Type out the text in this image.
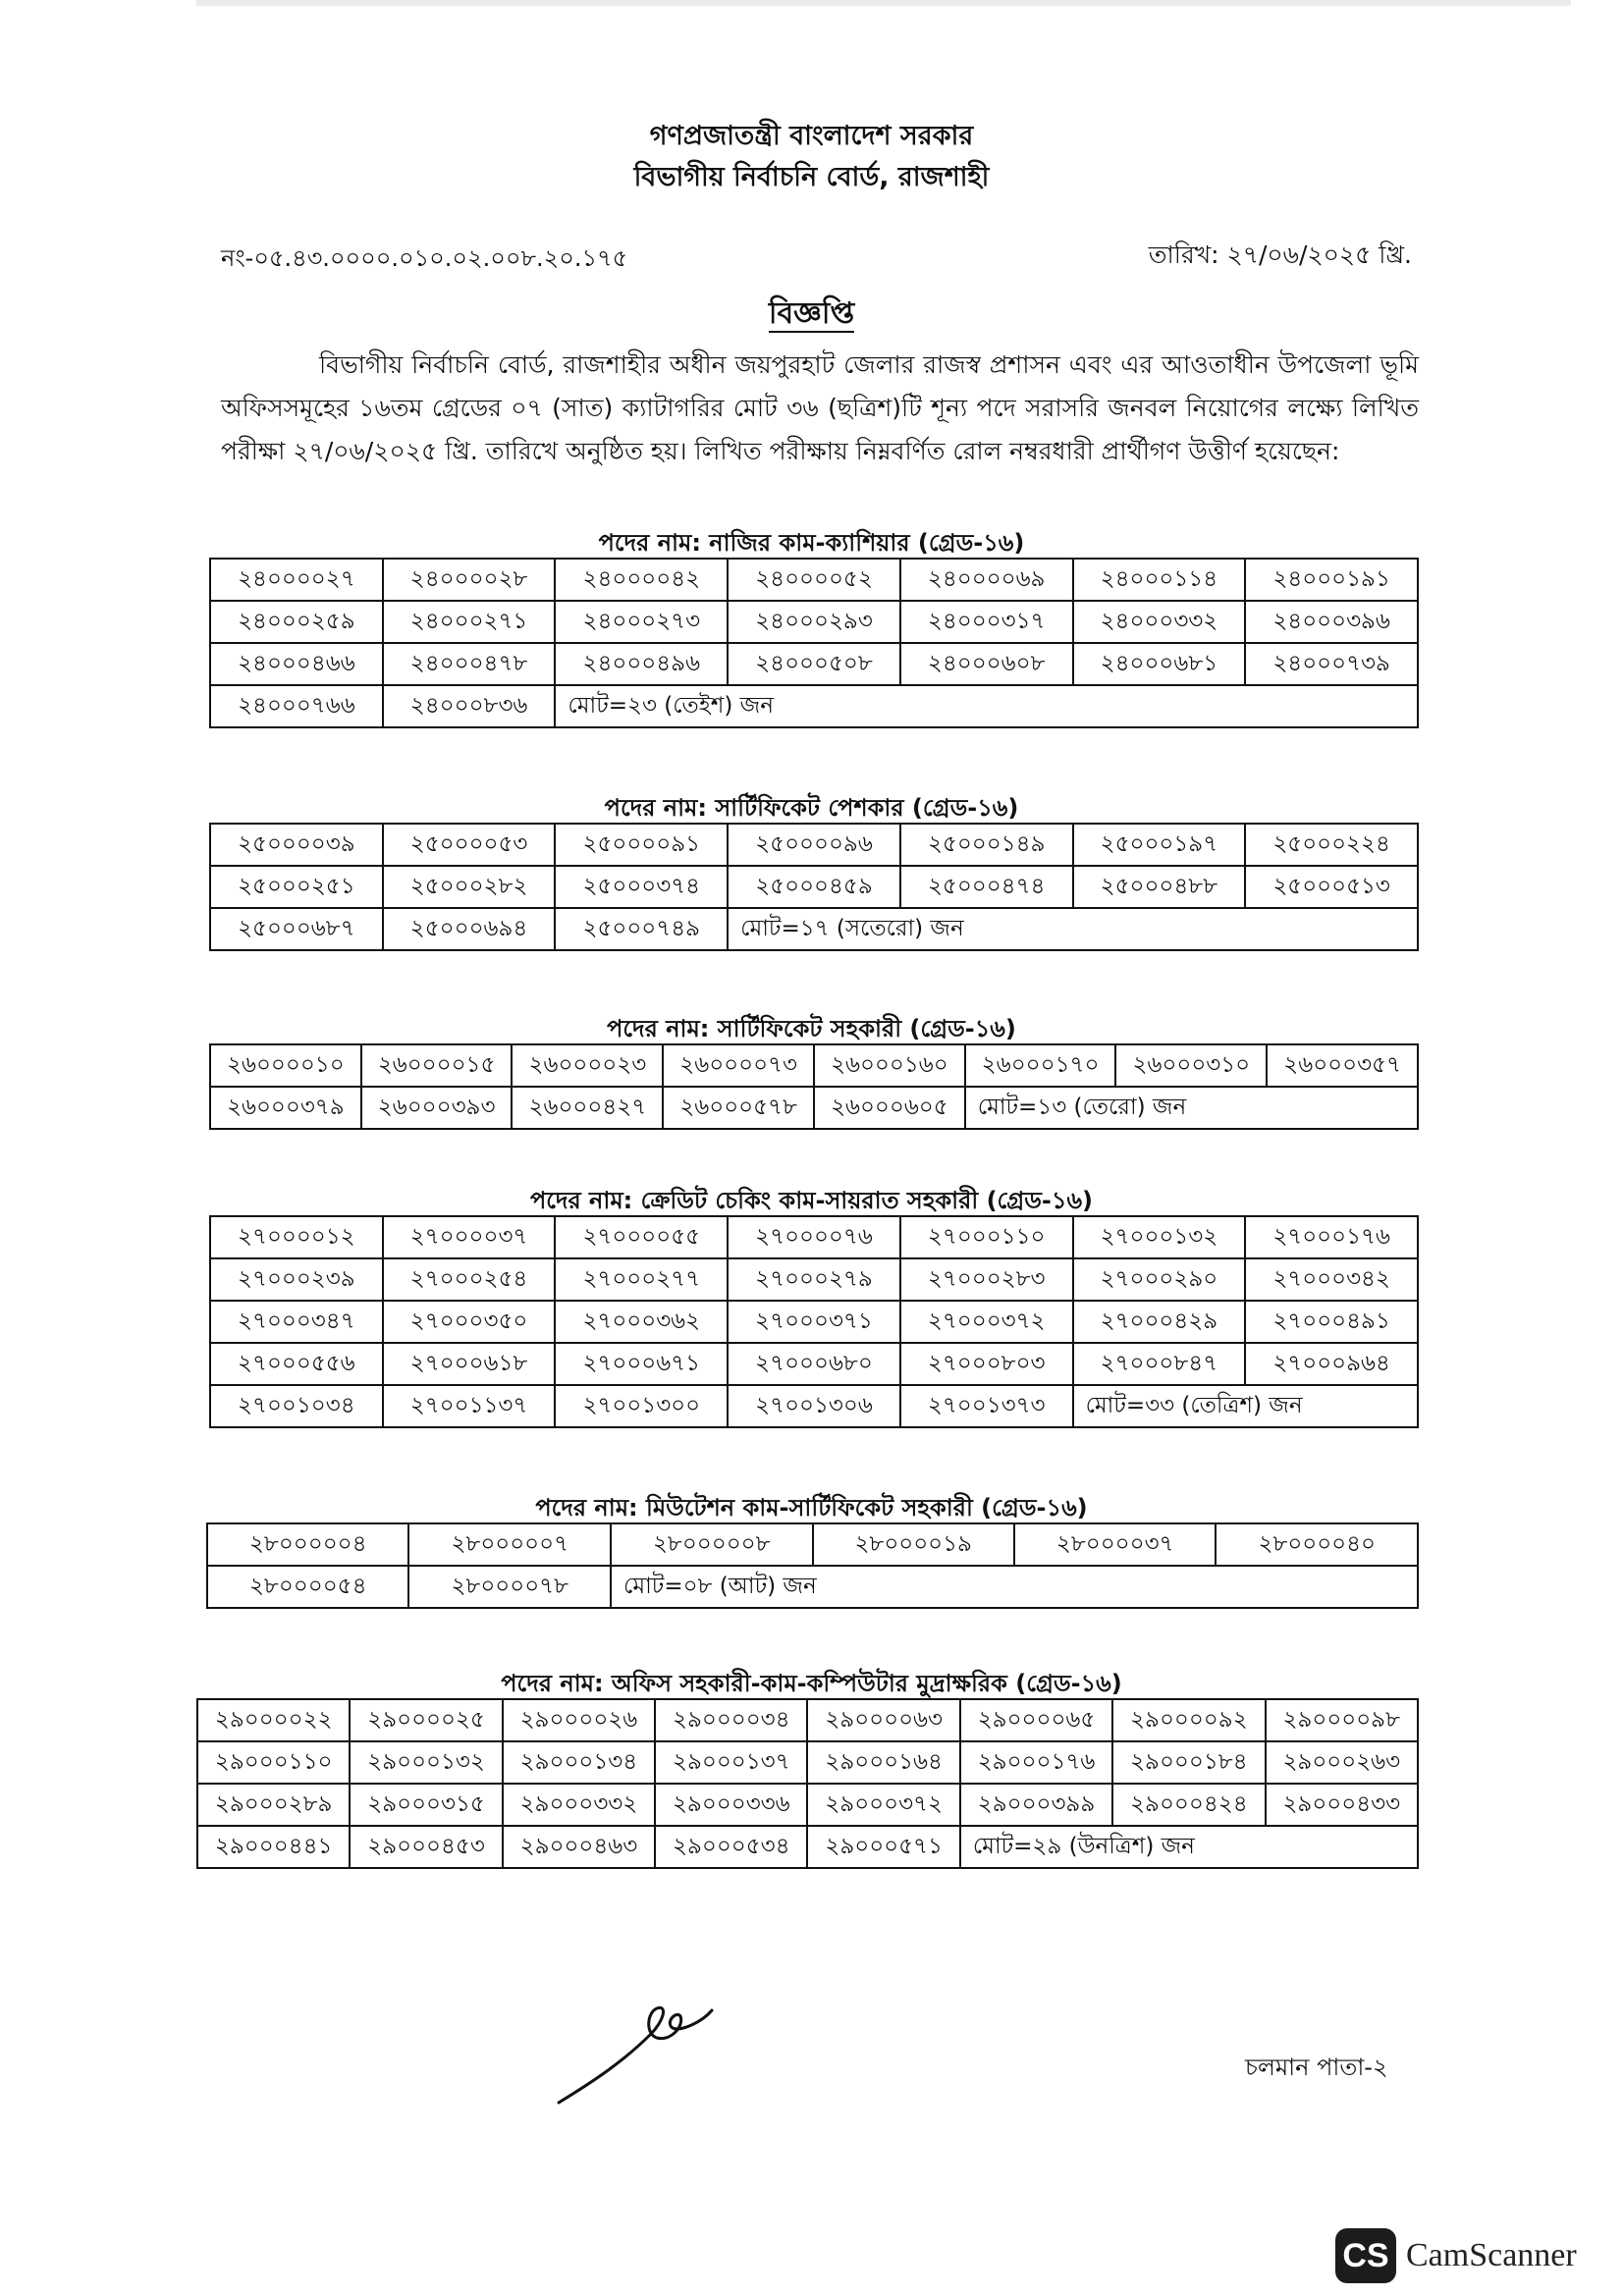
গণপ্রজাতন্ত্রী বাংলাদেশ সরকার
বিভাগীয় নির্বাচনি বোর্ড, রাজশাহী
নং-০৫.৪৩.০০০০.০১০.০২.০০৮.২০.১৭৫	তারিখ: ২৭/০৬/২০২৫ খ্রি.
বিজ্ঞপ্তি
বিভাগীয় নির্বাচনি বোর্ড, রাজশাহীর অধীন জয়পুরহাট জেলার রাজস্ব প্রশাসন এবং এর আওতাধীন উপজেলা ভূমি অফিসসমূহের ১৬তম গ্রেডের ০৭ (সাত) ক্যাটাগরির মোট ৩৬ (ছত্রিশ)টি শূন্য পদে সরাসরি জনবল নিয়োগের লক্ষ্যে লিখিত পরীক্ষা ২৭/০৬/২০২৫ খ্রি. তারিখে অনুষ্ঠিত হয়। লিখিত পরীক্ষায় নিম্নবর্ণিত রোল নম্বরধারী প্রার্থীগণ উত্তীর্ণ হয়েছেন:
পদের নাম: নাজির কাম-ক্যাশিয়ার (গ্রেড-১৬)
২৪০০০০২৭	২৪০০০০২৮	২৪০০০০৪২	২৪০০০০৫২	২৪০০০০৬৯	২৪০০০১১৪	২৪০০০১৯১
২৪০০০২৫৯	২৪০০০২৭১	২৪০০০২৭৩	২৪০০০২৯৩	২৪০০০৩১৭	২৪০০০৩৩২	২৪০০০৩৯৬
২৪০০০৪৬৬	২৪০০০৪৭৮	২৪০০০৪৯৬	২৪০০০৫০৮	২৪০০০৬০৮	২৪০০০৬৮১	২৪০০০৭৩৯
২৪০০০৭৬৬	২৪০০০৮৩৬	মোট=২৩ (তেইশ) জন				
পদের নাম: সার্টিফিকেট পেশকার (গ্রেড-১৬)
২৫০০০০৩৯	২৫০০০০৫৩	২৫০০০০৯১	২৫০০০০৯৬	২৫০০০১৪৯	২৫০০০১৯৭	২৫০০০২২৪
২৫০০০২৫১	২৫০০০২৮২	২৫০০০৩৭৪	২৫০০০৪৫৯	২৫০০০৪৭৪	২৫০০০৪৮৮	২৫০০০৫১৩
২৫০০০৬৮৭	২৫০০০৬৯৪	২৫০০০৭৪৯	মোট=১৭ (সতেরো) জন			
পদের নাম: সার্টিফিকেট সহকারী (গ্রেড-১৬)
২৬০০০০১০	২৬০০০০১৫	২৬০০০০২৩	২৬০০০০৭৩	২৬০০০১৬০	২৬০০০১৭০	২৬০০০৩১০	২৬০০০৩৫৭
২৬০০০৩৭৯	২৬০০০৩৯৩	২৬০০০৪২৭	২৬০০০৫৭৮	২৬০০০৬০৫	মোট=১৩ (তেরো) জন		
পদের নাম: ক্রেডিট চেকিং কাম-সায়রাত সহকারী (গ্রেড-১৬)
২৭০০০০১২	২৭০০০০৩৭	২৭০০০০৫৫	২৭০০০০৭৬	২৭০০০১১০	২৭০০০১৩২	২৭০০০১৭৬
২৭০০০২৩৯	২৭০০০২৫৪	২৭০০০২৭৭	২৭০০০২৭৯	২৭০০০২৮৩	২৭০০০২৯০	২৭০০০৩৪২
২৭০০০৩৪৭	২৭০০০৩৫০	২৭০০০৩৬২	২৭০০০৩৭১	২৭০০০৩৭২	২৭০০০৪২৯	২৭০০০৪৯১
২৭০০০৫৫৬	২৭০০০৬১৮	২৭০০০৬৭১	২৭০০০৬৮০	২৭০০০৮০৩	২৭০০০৮৪৭	২৭০০০৯৬৪
২৭০০১০৩৪	২৭০০১১৩৭	২৭০০১৩০০	২৭০০১৩০৬	২৭০০১৩৭৩	মোট=৩৩ (তেত্রিশ) জন	
পদের নাম: মিউটেশন কাম-সার্টিফিকেট সহকারী (গ্রেড-১৬)
২৮০০০০০৪	২৮০০০০০৭	২৮০০০০০৮	২৮০০০০১৯	২৮০০০০৩৭	২৮০০০০৪০
২৮০০০০৫৪	২৮০০০০৭৮	মোট=০৮ (আট) জন			
পদের নাম: অফিস সহকারী-কাম-কম্পিউটার মুদ্রাক্ষরিক (গ্রেড-১৬)
২৯০০০০২২	২৯০০০০২৫	২৯০০০০২৬	২৯০০০০৩৪	২৯০০০০৬৩	২৯০০০০৬৫	২৯০০০০৯২	২৯০০০০৯৮
২৯০০০১১০	২৯০০০১৩২	২৯০০০১৩৪	২৯০০০১৩৭	২৯০০০১৬৪	২৯০০০১৭৬	২৯০০০১৮৪	২৯০০০২৬৩
২৯০০০২৮৯	২৯০০০৩১৫	২৯০০০৩৩২	২৯০০০৩৩৬	২৯০০০৩৭২	২৯০০০৩৯৯	২৯০০০৪২৪	২৯০০০৪৩৩
২৯০০০৪৪১	২৯০০০৪৫৩	২৯০০০৪৬৩	২৯০০০৫৩৪	২৯০০০৫৭১	মোট=২৯ (উনত্রিশ) জন		
চলমান পাতা-২
CS CamScanner
